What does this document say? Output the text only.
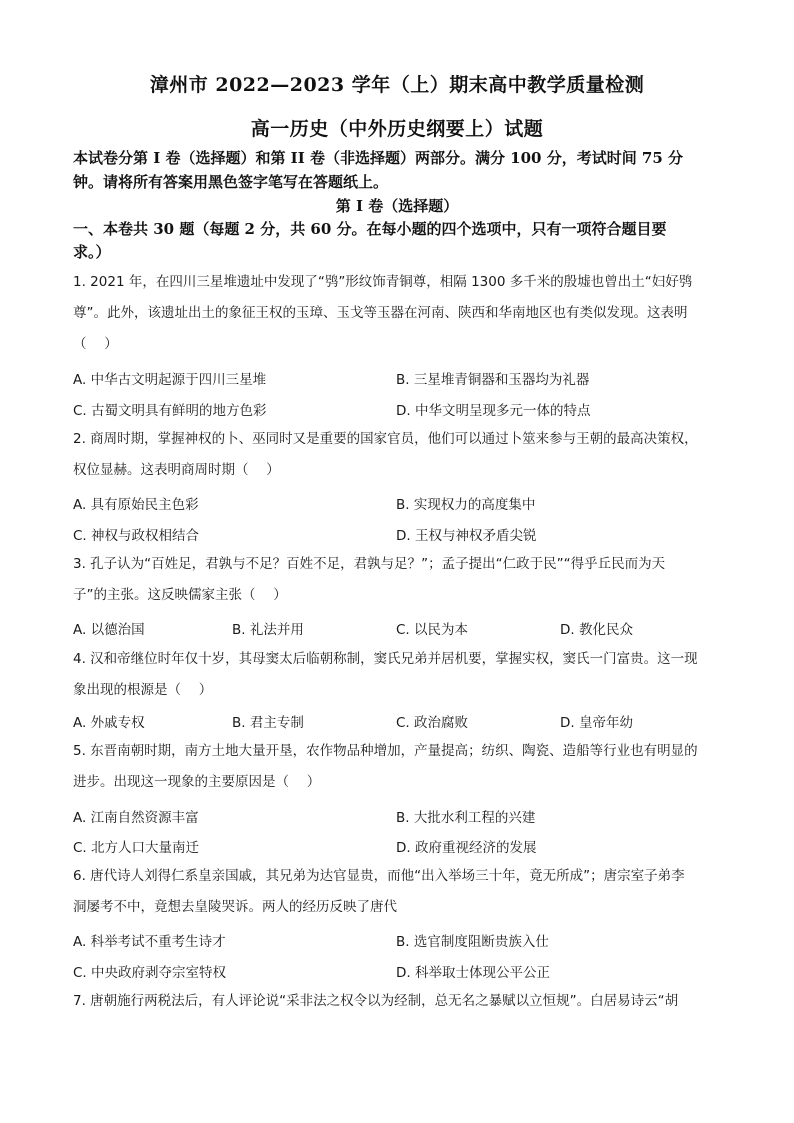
漳州市 2022—2023 学年（上）期末高中教学质量检测
高一历史（中外历史纲要上）试题
本试卷分第 I 卷（选择题）和第 II 卷（非选择题）两部分。满分 100 分，考试时间 75 分
钟。请将所有答案用黑色签字笔写在答题纸上。
第 I 卷（选择题）
一、本卷共 30 题（每题 2 分，共 60 分。在每小题的四个选项中，只有一项符合题目要
求。）
1. 2021 年，在四川三星堆遗址中发现了“鸮”形纹饰青铜尊，相隔 1300 多千米的殷墟也曾出土“妇好鸮
尊”。此外，该遗址出土的象征王权的玉璋、玉戈等玉器在河南、陕西和华南地区也有类似发现。这表明
（　 ）
A. 中华古文明起源于四川三星堆	B. 三星堆青铜器和玉器均为礼器
C. 古蜀文明具有鲜明的地方色彩	D. 中华文明呈现多元一体的特点
2. 商周时期，掌握神权的卜、巫同时又是重要的国家官员，他们可以通过卜筮来参与王朝的最高决策权，
权位显赫。这表明商周时期（　 ）
A. 具有原始民主色彩	B. 实现权力的高度集中
C. 神权与政权相结合	D. 王权与神权矛盾尖锐
3. 孔子认为“百姓足，君孰与不足？百姓不足，君孰与足？”；孟子提出“仁政于民”“得乎丘民而为天
子”的主张。这反映儒家主张（　 ）
A. 以德治国	B. 礼法并用	C. 以民为本	D. 教化民众
4. 汉和帝继位时年仅十岁，其母窦太后临朝称制，窦氏兄弟并居机要，掌握实权，窦氏一门富贵。这一现
象出现的根源是（　 ）
A. 外戚专权	B. 君主专制	C. 政治腐败	D. 皇帝年幼
5. 东晋南朝时期，南方土地大量开垦，农作物品种增加，产量提高；纺织、陶瓷、造船等行业也有明显的
进步。出现这一现象的主要原因是（　 ）
A. 江南自然资源丰富	B. 大批水利工程的兴建
C. 北方人口大量南迁	D. 政府重视经济的发展
6. 唐代诗人刘得仁系皇亲国戚，其兄弟为达官显贵，而他“出入举场三十年，竟无所成”；唐宗室子弟李
洞屡考不中，竟想去皇陵哭诉。两人的经历反映了唐代
A. 科举考试不重考生诗才	B. 选官制度阻断贵族入仕
C. 中央政府剥夺宗室特权	D. 科举取士体现公平公正
7. 唐朝施行两税法后，有人评论说“采非法之权令以为经制，总无名之暴赋以立恒规”。白居易诗云“胡
